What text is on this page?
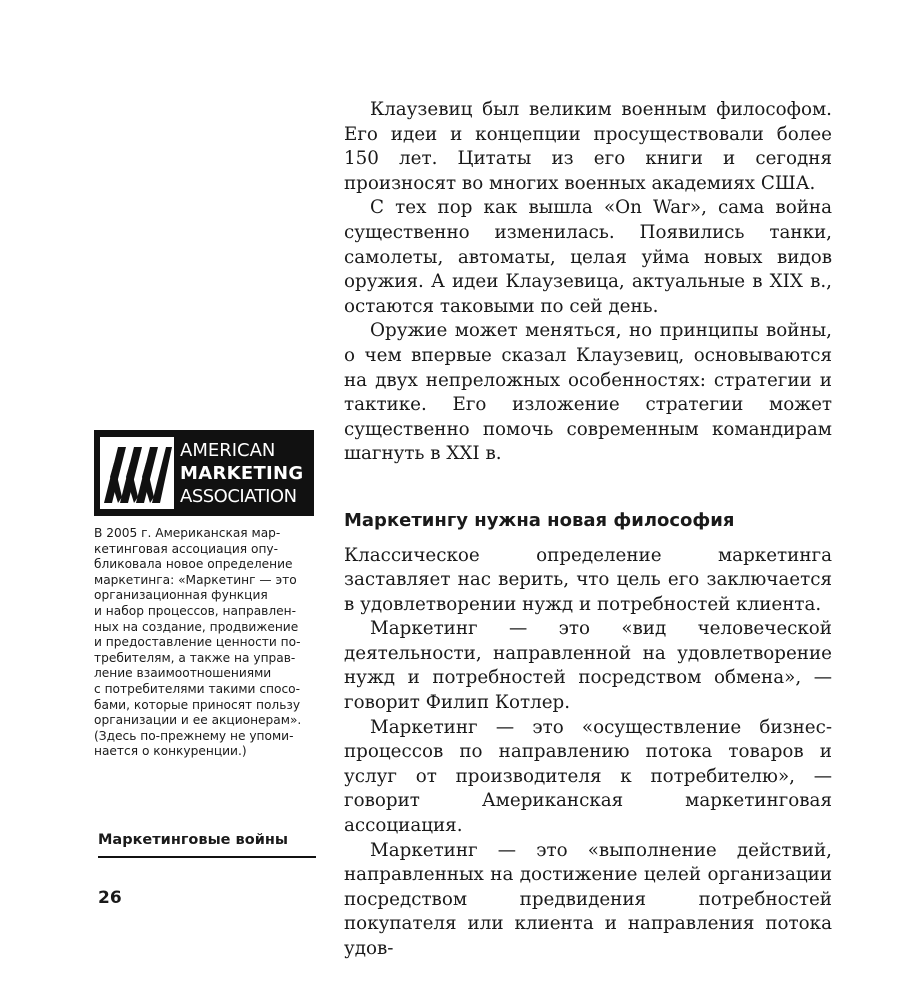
Клаузевиц был великим военным философом. Его идеи и концепции просуществовали более 150 лет. Цитаты из его книги и сегодня произносят во многих военных академиях США.

С тех пор как вышла «On War», сама война существенно изменилась. Появились танки, самолеты, автоматы, целая уйма новых видов оружия. А идеи Клаузевица, актуальные в XIX в., остаются таковыми по сей день.

Оружие может меняться, но принципы войны, о чем впервые сказал Клаузевиц, основываются на двух непреложных особенностях: стратегии и тактике. Его изложение стратегии может существенно помочь современным командирам шагнуть в XXI в.

Маркетингу нужна новая философия

Классическое определение маркетинга заставляет нас верить, что цель его заключается в удовлетворении нужд и потребностей клиента.

Маркетинг — это «вид человеческой деятельности, направленной на удовлетворение нужд и потребностей посредством обмена», — говорит Филип Котлер.

Маркетинг — это «осуществление бизнес-процессов по направлению потока товаров и услуг от производителя к потребителю», — говорит Американская маркетинговая ассоциация.

Маркетинг — это «выполнение действий, направленных на достижение целей организации посредством предвидения потребностей покупателя или клиента и направления потока удов-

AMERICAN
MARKETING
ASSOCIATION
В 2005 г. Американская мар-
кетинговая ассоциация опу-
бликовала новое определение
маркетинга: «Маркетинг — это
организационная функция
и набор процессов, направлен-
ных на создание, продвижение
и предоставление ценности по-
требителям, а также на управ-
ление взаимоотношениями
с потребителями такими спосо-
бами, которые приносят пользу
организации и ее акционерам».
(Здесь по-прежнему не упоми-
нается о конкуренции.)
Маркетинговые войны
26
